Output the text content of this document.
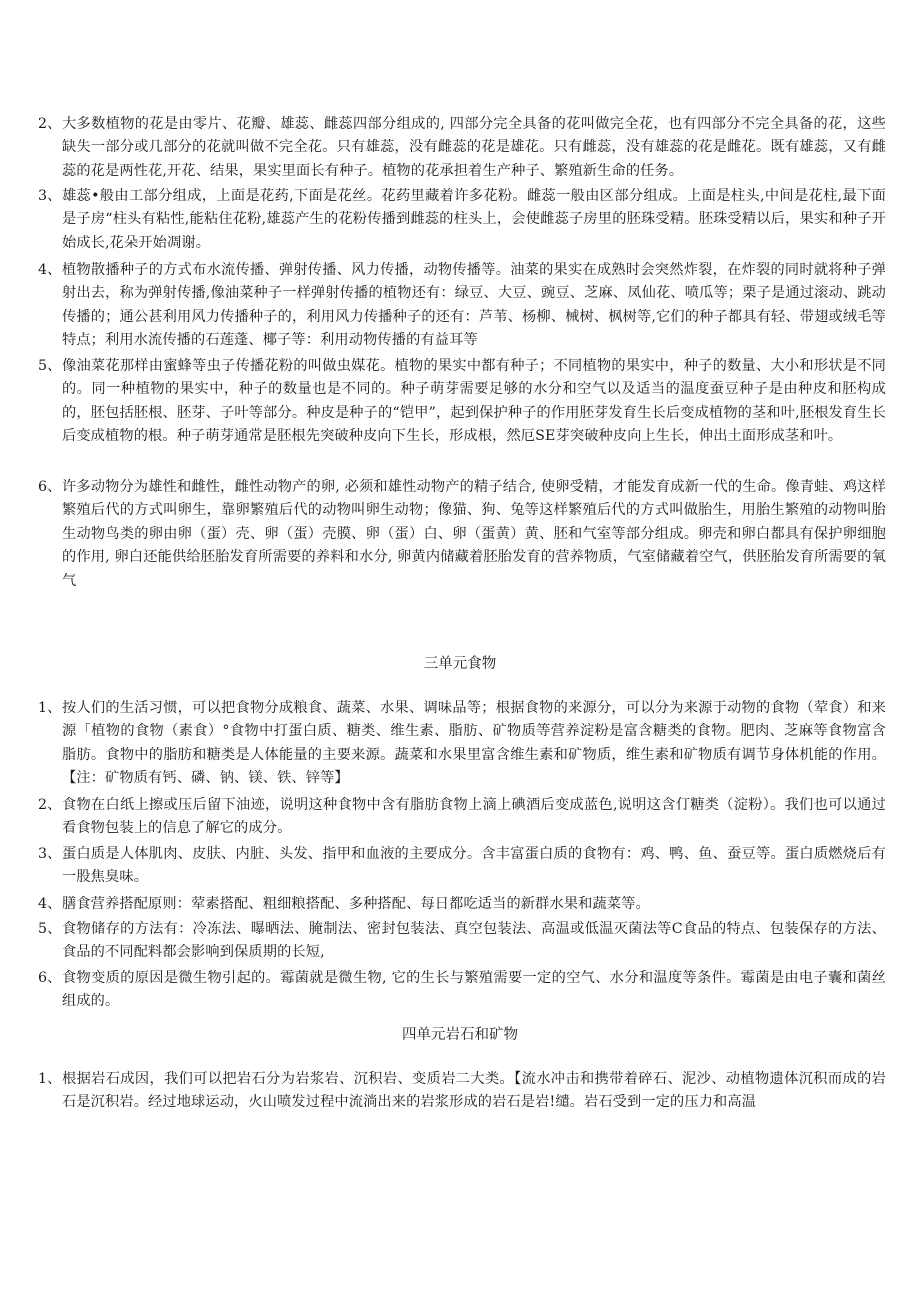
2、 大多数植物的花是由零片、花瓣、雄蕊、雌蕊四部分组成的, 四部分完全具备的花叫做完全花，也有四部分不完全具备的花，这些缺失一部分或几部分的花就叫做不完全花。只有雄蕊，没有雌蕊的花是雄花。只有雌蕊，没有雄蕊的花是雌花。既有雄蕊，又有雌蕊的花是两性花,开花、结果，果实里面长有种子。植物的花承担着生产种子、繁殖新生命的任务。
3、 雄蕊•般由工部分组成，上面是花药,下面是花丝。花药里藏着许多花粉。雌蕊一般由区部分组成。上面是柱头,中间是花柱,最下面是子房“柱头有粘性,能粘住花粉,雄蕊产生的花粉传播到雌蕊的柱头上，会使雌蕊子房里的胚珠受精。胚珠受精以后，果实和种子开始成长,花朵开始凋谢。
4、 植物散播种子的方式布水流传播、弹射传播、风力传播，动物传播等。油菜的果实在成熟时会突然炸裂，在炸裂的同时就将种子弹射出去，称为弹射传播,像油菜种子一样弹射传播的植物还有：绿豆、大豆、豌豆、芝麻、凤仙花、喷瓜等；栗子是通过滚动、跳动传播的；通公甚利用风力传播种子的，利用风力传播种子的还有：芦苇、杨柳、械树、枫树等,它们的种子都具有轻、带翅或绒毛等特点；利用水流传播的石莲蓬、椰子等：利用动物传播的有益耳等
5、 像油菜花那样由蜜蜂等虫子传播花粉的叫做虫媒花。植物的果实中都有种子；不同植物的果实中，种子的数量、大小和形状是不同的。同一种植物的果实中，种子的数量也是不同的。种子萌芽需要足够的水分和空气以及适当的温度蚕豆种子是由种皮和胚构成的，胚包括胚根、胚芽、子叶等部分。种皮是种子的“铠甲”，起到保护种子的作用胚芽发育生长后变成植物的茎和叶,胚根发育生长后变成植物的根。种子萌芽通常是胚根先突破种皮向下生长，形成根，然厄SE芽突破种皮向上生长，伸出土面形成茎和叶。
6、 许多动物分为雄性和雌性，雌性动物产的卵, 必须和雄性动物产的精子结合, 使卵受精，才能发育成新一代的生命。像青蛙、鸡这样繁殖后代的方式叫卵生，靠卵繁殖后代的动物叫卵生动物；像猫、狗、兔等这样繁殖后代的方式叫做胎生，用胎生繁殖的动物叫胎生动物鸟类的卵由卵（蛋）壳、卵（蛋）壳膜、卵（蛋）白、卵（蛋黄）黄、胚和气室等部分组成。卵壳和卵白都具有保护卵细胞的作用, 卵白还能供给胚胎发育所需要的养料和水分, 卵黄内储藏着胚胎发育的营养物质，气室储藏着空气，供胚胎发育所需要的氧气
三单元食物
1、 按人们的生活习惯，可以把食物分成粮食、蔬菜、水果、调味品等；根据食物的来源分，可以分为来源于动物的食物（荤食）和来源「植物的食物（素食）°食物中打蛋白质、糖类、维生素、脂肪、矿物质等营养淀粉是富含糖类的食物。肥肉、芝麻等食物富含脂肪。食物中的脂肪和糖类是人体能量的主要来源。蔬菜和水果里富含维生素和矿物质，维生素和矿物质有调节身体机能的作用。【注：矿物质有钙、磷、钠、镁、铁、锌等】
2、 食物在白纸上擦或压后留下油迹，说明这种食物中含有脂肪食物上滴上碘酒后变成蓝色,说明这含仃糖类（淀粉）。我们也可以通过看食物包装上的信息了解它的成分。
3、 蛋白质是人体肌肉、皮肤、内脏、头发、指甲和血液的主要成分。含丰富蛋白质的食物有：鸡、鸭、鱼、蚕豆等。蛋白质燃烧后有一股焦臭味。
4、 膳食营养搭配原则：荤素搭配、粗细粮搭配、多种搭配、每日都吃适当的新群水果和蔬菜等。
5、 食物储存的方法有：冷冻法、曝晒法、腌制法、密封包装法、真空包装法、高温或低温灭菌法等C食品的特点、包装保存的方法、食品的不同配料都会影响到保质期的长短,
6、 食物变质的原因是微生物引起的。霉菌就是微生物, 它的生长与繁殖需要一定的空气、水分和温度等条件。霉菌是由电子囊和菌丝组成的。
四单元岩石和矿物
1、 根据岩石成因，我们可以把岩石分为岩浆岩、沉积岩、变质岩二大类。【流水冲击和携带着碎石、泥沙、动植物遗体沉积而成的岩石是沉积岩。经过地球运动，火山喷发过程中流淌出来的岩浆形成的岩石是岩!缱。岩石受到一定的压力和高温
